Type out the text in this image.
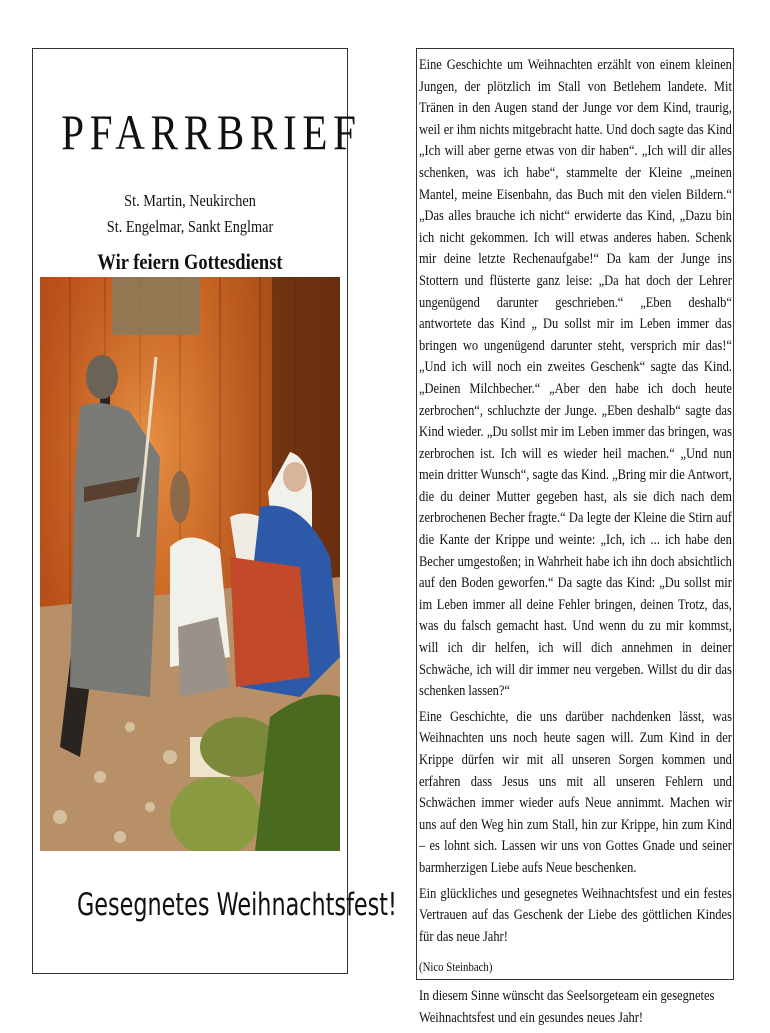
PFARRBRIEF
St. Martin, Neukirchen
St. Engelmar, Sankt Englmar
Wir feiern Gottesdienst
Gesegnetes Weihnachtsfest!

Eine Geschichte um Weihnachten erzählt von einem kleinen Jungen, der plötzlich im Stall von Betlehem landete. Mit Tränen in den Augen stand der Junge vor dem Kind, traurig, weil er ihm nichts mitgebracht hatte. Und doch sagte das Kind „Ich will aber gerne etwas von dir haben“. „Ich will dir alles schenken, was ich habe“, stammelte der Kleine „meinen Mantel, meine Eisenbahn, das Buch mit den vielen Bildern.“ „Das alles brauche ich nicht“ erwiderte das Kind, „Dazu bin ich nicht gekommen. Ich will etwas anderes haben. Schenk mir deine letzte Rechenaufgabe!“ Da kam der Junge ins Stottern und flüsterte ganz leise: „Da hat doch der Lehrer ungenügend darunter geschrieben.“ „Eben deshalb“ antwortete das Kind „ Du sollst mir im Leben immer das bringen wo ungenügend darunter steht, versprich mir das!“ „Und ich will noch ein zweites Geschenk“ sagte das Kind. „Deinen Milchbecher.“ „Aber den habe ich doch heute zerbrochen“, schluchzte der Junge. „Eben deshalb“ sagte das Kind wieder. „Du sollst mir im Leben immer das bringen, was zerbrochen ist. Ich will es wieder heil machen.“ „Und nun mein dritter Wunsch“, sagte das Kind. „Bring mir die Antwort, die du deiner Mutter gegeben hast, als sie dich nach dem zerbrochenen Becher fragte.“ Da legte der Kleine die Stirn auf die Kante der Krippe und weinte: „Ich, ich ... ich habe den Becher umgestoßen; in Wahrheit habe ich ihn doch absichtlich auf den Boden geworfen.“ Da sagte das Kind: „Du sollst mir im Leben immer all deine Fehler bringen, deinen Trotz, das, was du falsch gemacht hast. Und wenn du zu mir kommst, will ich dir helfen, ich will dich annehmen in deiner Schwäche, ich will dir immer neu vergeben. Willst du dir das schenken lassen?“

Eine Geschichte, die uns darüber nachdenken lässt, was Weihnachten uns noch heute sagen will. Zum Kind in der Krippe dürfen wir mit all unseren Sorgen kommen und erfahren dass Jesus uns mit all unseren Fehlern und Schwächen immer wieder aufs Neue annimmt. Machen wir uns auf den Weg hin zum Stall, hin zur Krippe, hin zum Kind – es lohnt sich. Lassen wir uns von Gottes Gnade und seiner barmherzigen Liebe aufs Neue beschenken.

Ein glückliches und gesegnetes Weihnachtsfest und ein festes Vertrauen auf das Geschenk der Liebe des göttlichen Kindes für das neue Jahr!

(Nico Steinbach)

In diesem Sinne wünscht das Seelsorgeteam ein gesegnetes Weihnachtsfest und ein gesundes neues Jahr!
